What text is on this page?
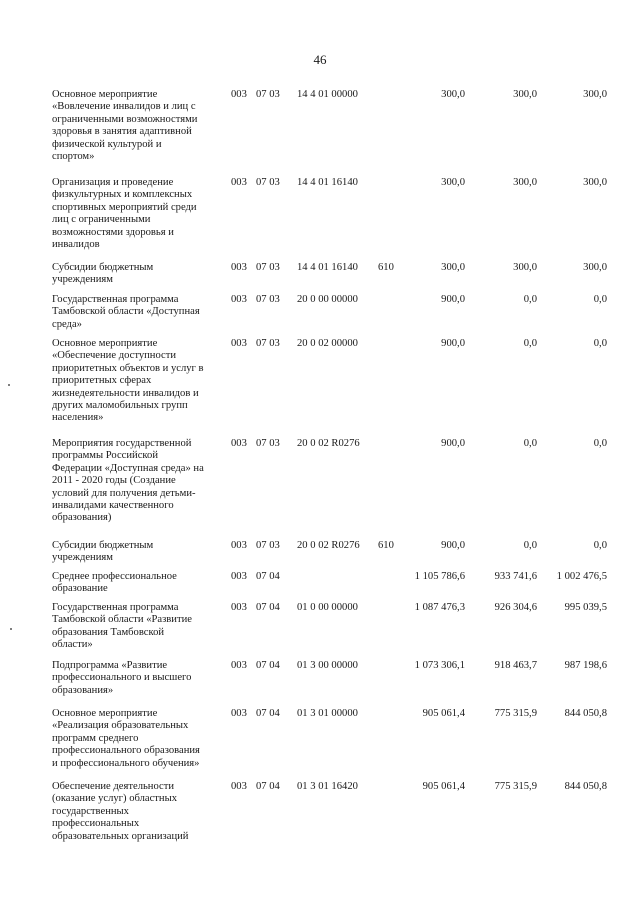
46
Основное мероприятие
«Вовлечение инвалидов и лиц с
ограниченными возможностями
здоровья в занятия адаптивной
физической культурой и
спортом»
003 07 03	14 4 01 00000	300,0	300,0	300,0
Организация и проведение
физкультурных и комплексных
спортивных мероприятий среди
лиц с ограниченными
возможностями здоровья и
инвалидов
003 07 03	14 4 01 16140	300,0	300,0	300,0
Субсидии бюджетным
учреждениям
003 07 03	14 4 01 16140	610	300,0	300,0	300,0
Государственная программа
Тамбовской области «Доступная
среда»
003 07 03	20 0 00 00000	900,0	0,0	0,0
Основное мероприятие
«Обеспечение доступности
приоритетных объектов и услуг в
приоритетных сферах
жизнедеятельности инвалидов и
других маломобильных групп
населения»
003 07 03	20 0 02 00000	900,0	0,0	0,0
Мероприятия государственной
программы Российской
Федерации «Доступная среда» на
2011 - 2020 годы (Создание
условий для получения детьми-
инвалидами качественного
образования)
003 07 03	20 0 02 R0276	900,0	0,0	0,0
Субсидии бюджетным
учреждениям
003 07 03	20 0 02 R0276	610	900,0	0,0	0,0
Среднее профессиональное
образование
003 07 04	1 105 786,6	933 741,6	1 002 476,5
Государственная программа
Тамбовской области «Развитие
образования Тамбовской
области»
003 07 04	01 0 00 00000	1 087 476,3	926 304,6	995 039,5
Подпрограмма «Развитие
профессионального и высшего
образования»
003 07 04	01 3 00 00000	1 073 306,1	918 463,7	987 198,6
Основное мероприятие
«Реализация образовательных
программ среднего
профессионального образования
и профессионального обучения»
003 07 04	01 3 01 00000	905 061,4	775 315,9	844 050,8
Обеспечение деятельности
(оказание услуг) областных
государственных
профессиональных
образовательных организаций
003 07 04	01 3 01 16420	905 061,4	775 315,9	844 050,8
